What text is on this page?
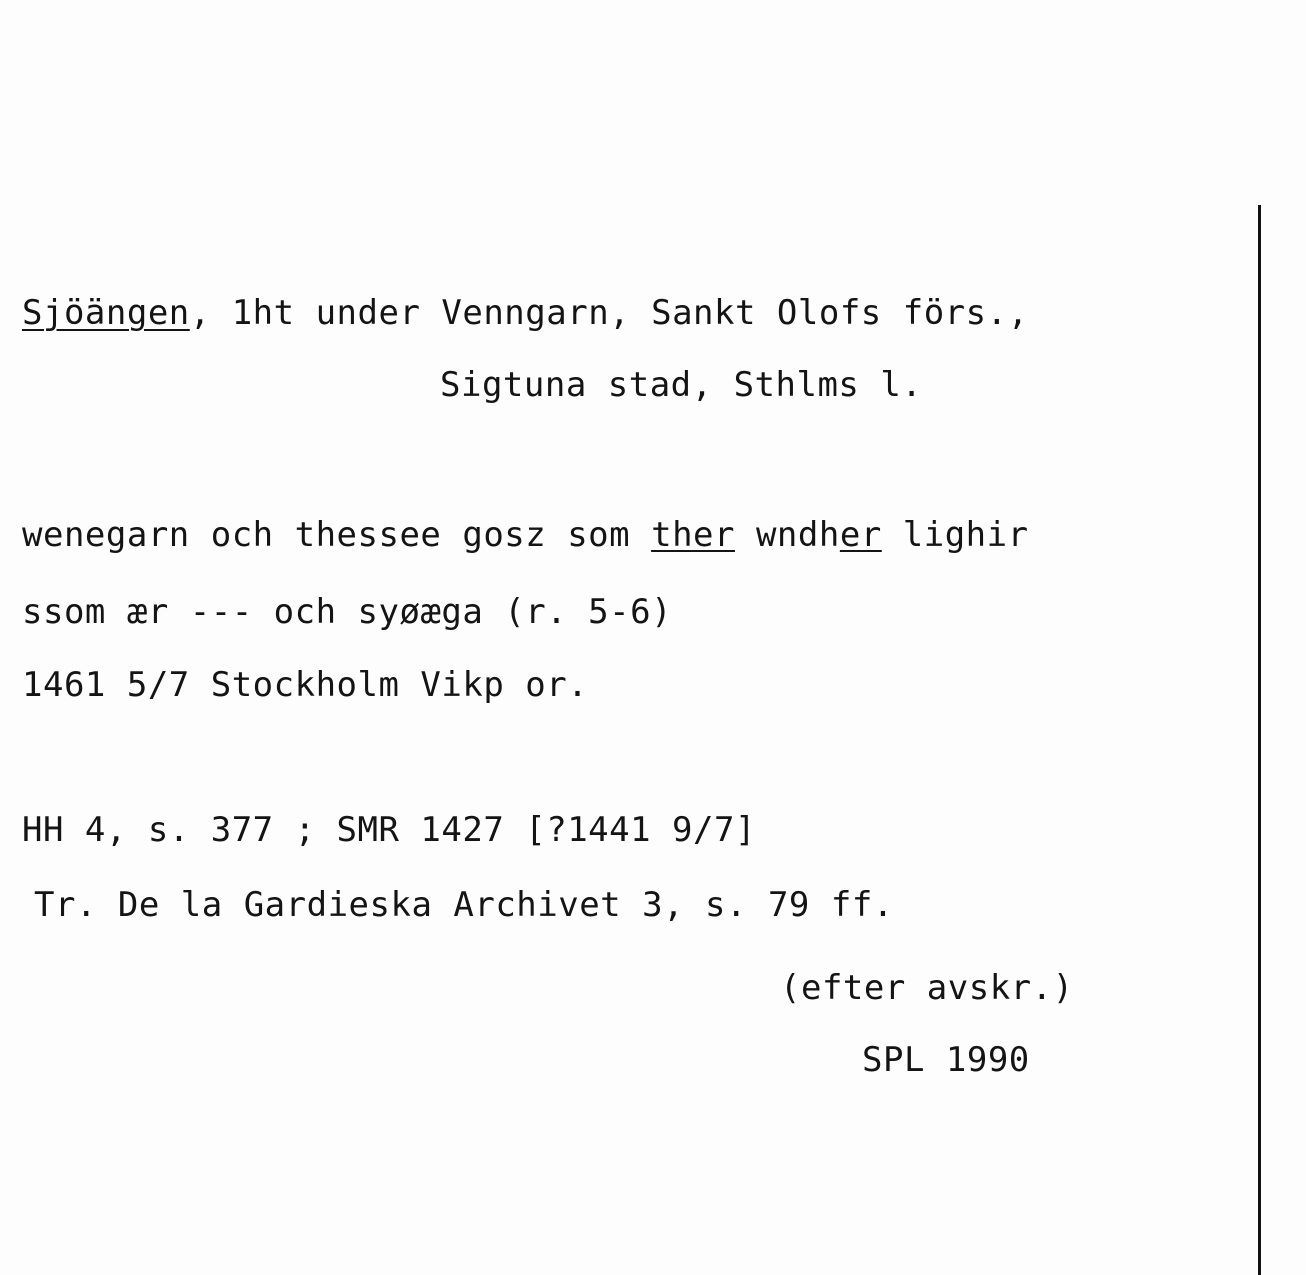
Sjöängen, 1ht under Venngarn, Sankt Olofs förs.,
Sigtuna stad, Sthlms l.
wenegarn och thessee gosz som ther wndher lighir
ssom ær --- och syøæga (r. 5-6)
1461 5/7 Stockholm Vikp or.
HH 4, s. 377 ; SMR 1427 [?1441 9/7]
Tr. De la Gardieska Archivet 3, s. 79 ff.
(efter avskr.)
SPL 1990
